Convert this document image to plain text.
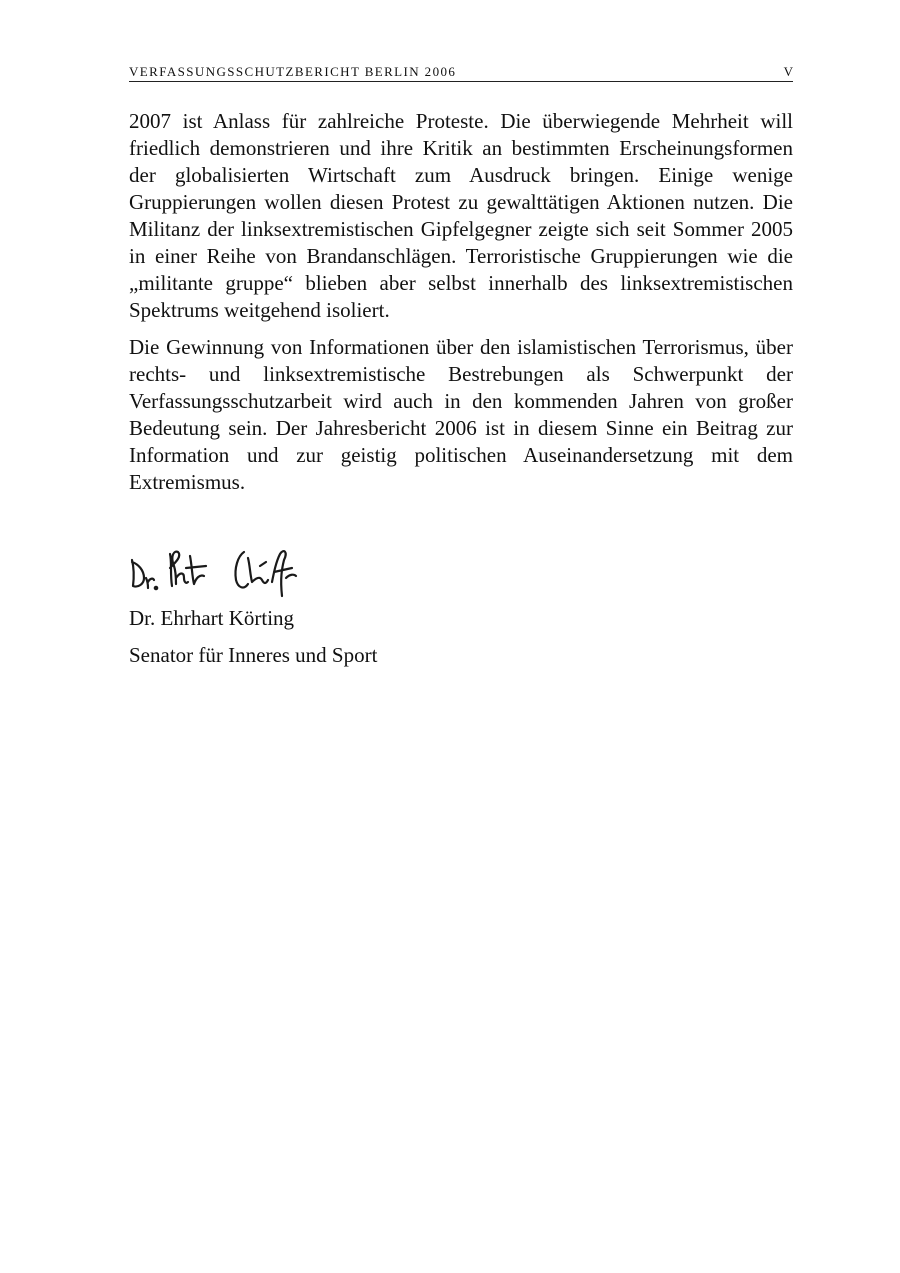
VERFASSUNGSSCHUTZBERICHT BERLIN 2006	V

2007 ist Anlass für zahlreiche Proteste. Die überwiegende Mehrheit will friedlich demonstrieren und ihre Kritik an bestimmten Erscheinungsformen der globalisierten Wirtschaft zum Ausdruck bringen. Einige wenige Gruppierungen wollen diesen Protest zu gewalttätigen Aktionen nutzen. Die Militanz der linksextremistischen Gipfelgegner zeigte sich seit Sommer 2005 in einer Reihe von Brandanschlägen. Terroristische Gruppierungen wie die „militante gruppe“ blieben aber selbst innerhalb des linksextremistischen Spektrums weitgehend isoliert.

Die Gewinnung von Informationen über den islamistischen Terrorismus, über rechts- und linksextremistische Bestrebungen als Schwerpunkt der Verfassungsschutzarbeit wird auch in den kommenden Jahren von großer Bedeutung sein. Der Jahresbericht 2006 ist in diesem Sinne ein Beitrag zur Information und zur geistig politischen Auseinandersetzung mit dem Extremismus.

Dr. Ehrhart Körting
Senator für Inneres und Sport
